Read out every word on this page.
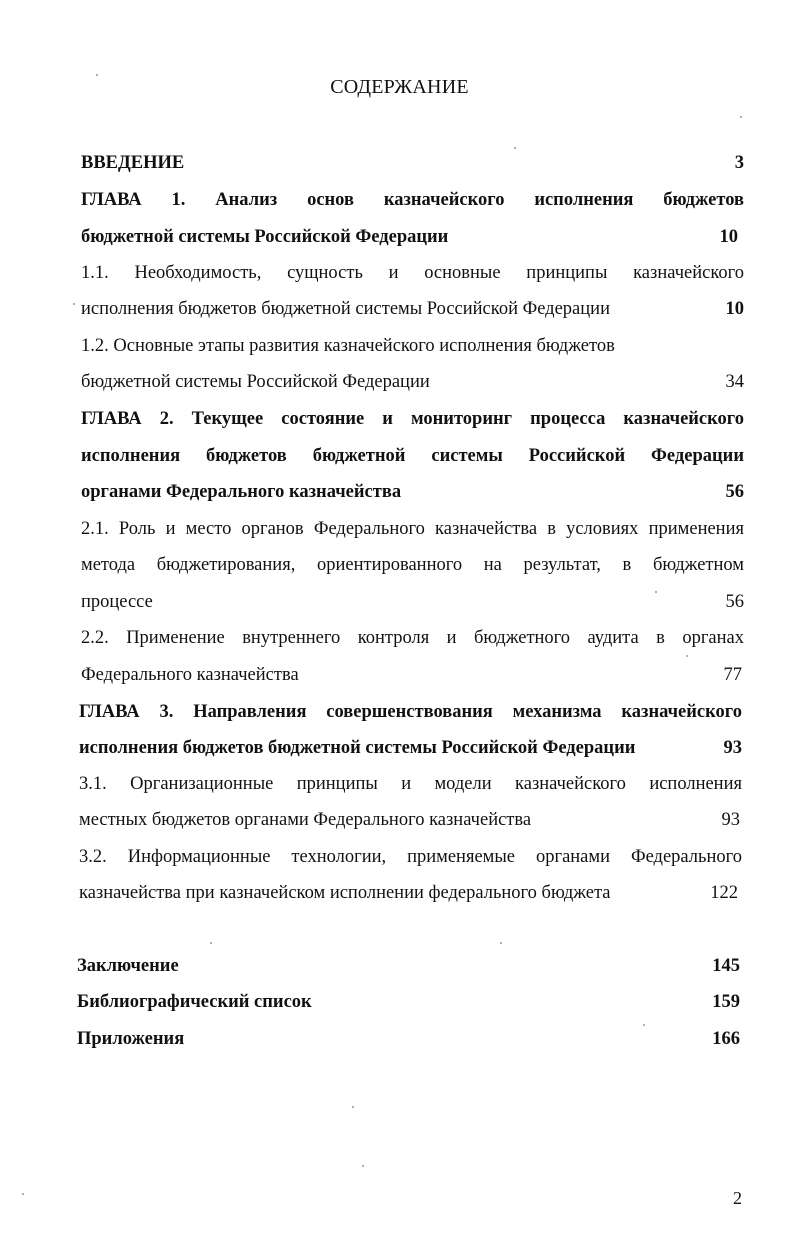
СОДЕРЖАНИЕ
ВВЕДЕНИЕ	3
ГЛАВА 1. Анализ основ казначейского исполнения бюджетов
бюджетной системы Российской Федерации	10
1.1. Необходимость, сущность и основные принципы казначейского
исполнения бюджетов бюджетной системы Российской Федерации	10
1.2. Основные этапы развития казначейского исполнения бюджетов
бюджетной системы Российской Федерации	34
ГЛАВА 2. Текущее состояние и мониторинг процесса казначейского
исполнения бюджетов бюджетной системы Российской Федерации
органами Федерального казначейства	56
2.1. Роль и место органов Федерального казначейства в условиях применения
метода бюджетирования, ориентированного на результат, в бюджетном
процессе	56
2.2. Применение внутреннего контроля и бюджетного аудита в органах
Федерального казначейства	77
ГЛАВА 3. Направления совершенствования механизма казначейского
исполнения бюджетов бюджетной системы Российской Федерации	93
3.1. Организационные принципы и модели казначейского исполнения
местных бюджетов органами Федерального казначейства	93
3.2. Информационные технологии, применяемые органами Федерального
казначейства при казначейском исполнении федерального бюджета	122
Заключение	145
Библиографический список	159
Приложения	166
2
